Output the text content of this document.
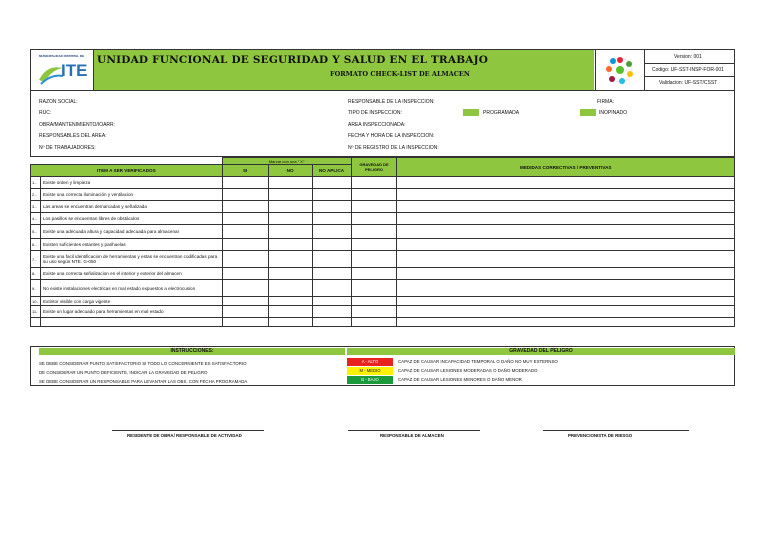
MUNICIPALIDAD DISTRITAL DE
ITE
UNIDAD FUNCIONAL DE SEGURIDAD Y SALUD EN EL TRABAJO
FORMATO CHECK-LIST DE ALMACEN
Version: 001
Codigo: UF-SST-INSP-FOR-001
Validacion: UF-SST/CSST
RAZON SOCIAL:
RUC:
OBRA/MANTENIMIENTO/IOARR:
RESPONSABLES DEL AREA:
Nº DE TRABAJADORES:
RESPONSABLE DE LA INSPECCION:
TIPO DE INSPECCION:
AREA INSPECCIONADA:
FECHA Y HORA DE LA INSPECCION:
Nº DE REGISTRO DE LA INSPECCION:
FIRMA:
PROGRAMADA	INOPINADO
		Marcar con una " X"			GRAVEDAD DE PELIGRO	MEDIDAS CORRECTIVAS / PREVENTIVAS
ITEM A SER VERIFICADOS		SI	NO	NO APLICA		
1.-	Existe orden y limpieza					
2.-	Existe una correcta iluminación y ventilacion					
3.-	Las areas se encuentran demarcadas y señalizada					
4.-	Los pasillos se encuentran libres de obstáculos					
5.-	Existe una adecuada altura y capacidad adecuada para almacenar					
6.-	Existen suficientes estantes y parihuelas					
7.-	Existe una facil identificacion de herramientas y estas se encuentran codificadas para su uso según NTE. G-050					
8-	Existe una correcta señalizacion en el interior y exterior del almacen					
9-	No existe instalaciones electricas en mal estado expuestos a electrocusion					
10-	Extintor visible con carga vigente					
11-	Existe un lugar adecuado para herramientas en mal estado					

INSTRUCCIONES:
SE DEBE CONSIDERAR PUNTO SATISFACTORIO SI TODO LO CONCERNIENTE ES SATISFACTORIO
DE CONSIDERAR UN PUNTO DEFICIENTE, INDICAR LA GRAVEDAD DE PELIGRO
SE DEBE CONSIDERAR UN RESPONSABLE PARA LEVANTAR LAS OBS. CON FECHA PROGRAMADA
GRAVEDAD DEL PELIGRO
A - ALTO	CAPAZ DE CAUSAR INCAPACIDAD TEMPORAL O DAÑO NO MUY EXTERNSO
M - MEDIO	CAPAZ DE CAUSAR LESIONES MODERADAS O DAÑO MODERADO
B - BAJO	CAPAZ DE CAUSAR LESIONES MENORES O DAÑO MENOR
RESIDENTE DE OBRA/ RESPONSABLE DE ACTIVIDAD	RESPONSABLE DE ALMACEN	PREVENCIONISTA DE RIESGO
